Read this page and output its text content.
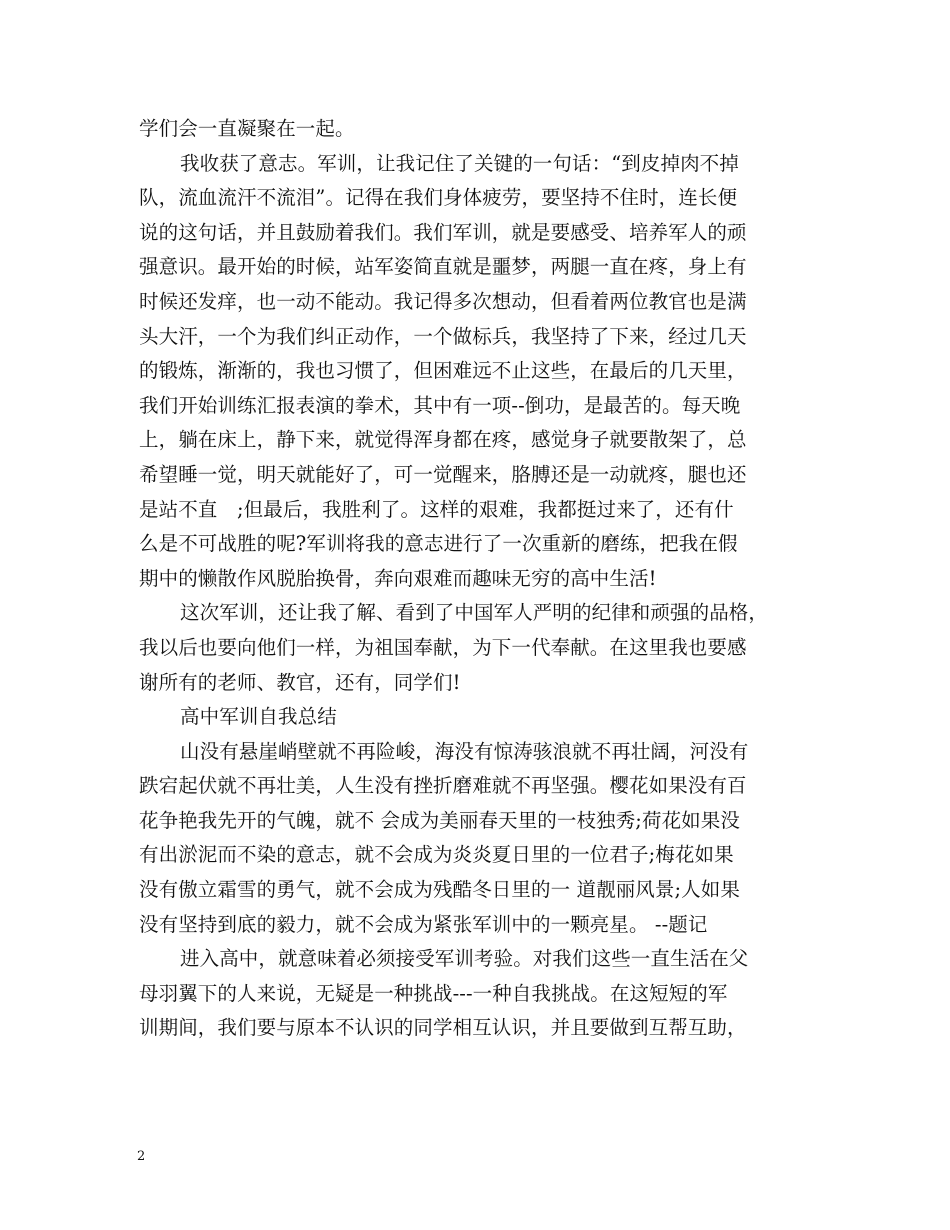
学们会一直凝聚在一起。
我收获了意志。军训，让我记住了关键的一句话：“到皮掉肉不掉
队，流血流汗不流泪”。记得在我们身体疲劳，要坚持不住时，连长便
说的这句话，并且鼓励着我们。我们军训，就是要感受、培养军人的顽
强意识。最开始的时候，站军姿简直就是噩梦，两腿一直在疼，身上有
时候还发痒，也一动不能动。我记得多次想动，但看着两位教官也是满
头大汗，一个为我们纠正动作，一个做标兵，我坚持了下来，经过几天
的锻炼，渐渐的，我也习惯了，但困难远不止这些，在最后的几天里，
我们开始训练汇报表演的拳术，其中有一项--倒功，是最苦的。每天晚
上，躺在床上，静下来，就觉得浑身都在疼，感觉身子就要散架了，总
希望睡一觉，明天就能好了，可一觉醒来，胳膊还是一动就疼，腿也还
是站不直　;但最后，我胜利了。这样的艰难，我都挺过来了，还有什
么是不可战胜的呢?军训将我的意志进行了一次重新的磨练，把我在假
期中的懒散作风脱胎换骨，奔向艰难而趣味无穷的高中生活!
这次军训，还让我了解、看到了中国军人严明的纪律和顽强的品格，
我以后也要向他们一样，为祖国奉献，为下一代奉献。在这里我也要感
谢所有的老师、教官，还有，同学们!
高中军训自我总结
山没有悬崖峭壁就不再险峻，海没有惊涛骇浪就不再壮阔，河没有
跌宕起伏就不再壮美，人生没有挫折磨难就不再坚强。樱花如果没有百
花争艳我先开的气魄，就不 会成为美丽春天里的一枝独秀;荷花如果没
有出淤泥而不染的意志，就不会成为炎炎夏日里的一位君子;梅花如果
没有傲立霜雪的勇气，就不会成为残酷冬日里的一 道靓丽风景;人如果
没有坚持到底的毅力，就不会成为紧张军训中的一颗亮星。 --题记
进入高中，就意味着必须接受军训考验。对我们这些一直生活在父
母羽翼下的人来说，无疑是一种挑战---一种自我挑战。在这短短的军
训期间，我们要与原本不认识的同学相互认识，并且要做到互帮互助，
2
